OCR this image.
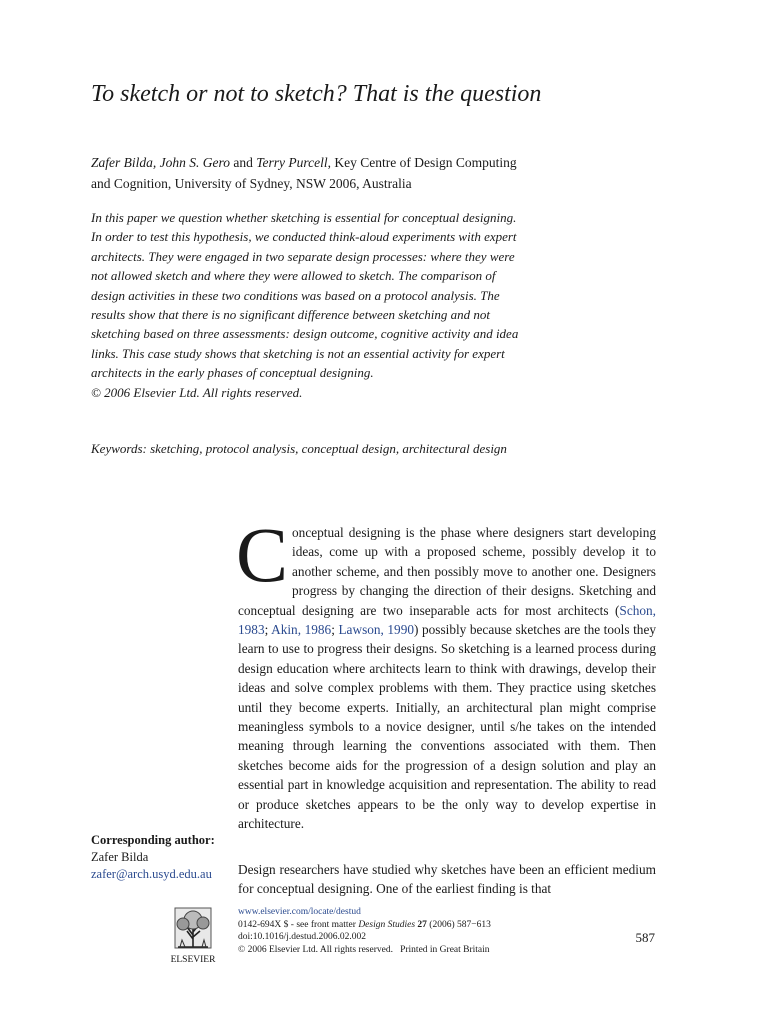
To sketch or not to sketch? That is the question
Zafer Bilda, John S. Gero and Terry Purcell, Key Centre of Design Computing and Cognition, University of Sydney, NSW 2006, Australia
In this paper we question whether sketching is essential for conceptual designing. In order to test this hypothesis, we conducted think-aloud experiments with expert architects. They were engaged in two separate design processes: where they were not allowed sketch and where they were allowed to sketch. The comparison of design activities in these two conditions was based on a protocol analysis. The results show that there is no significant difference between sketching and not sketching based on three assessments: design outcome, cognitive activity and idea links. This case study shows that sketching is not an essential activity for expert architects in the early phases of conceptual designing.
© 2006 Elsevier Ltd. All rights reserved.
Keywords: sketching, protocol analysis, conceptual design, architectural design
Conceptual designing is the phase where designers start developing ideas, come up with a proposed scheme, possibly develop it to another scheme, and then possibly move to another one. Designers progress by changing the direction of their designs. Sketching and conceptual designing are two inseparable acts for most architects (Schon, 1983; Akin, 1986; Lawson, 1990) possibly because sketches are the tools they learn to use to progress their designs. So sketching is a learned process during design education where architects learn to think with drawings, develop their ideas and solve complex problems with them. They practice using sketches until they become experts. Initially, an architectural plan might comprise meaningless symbols to a novice designer, until s/he takes on the intended meaning through learning the conventions associated with them. Then sketches become aids for the progression of a design solution and play an essential part in knowledge acquisition and representation. The ability to read or produce sketches appears to be the only way to develop expertise in architecture.
Design researchers have studied why sketches have been an efficient medium for conceptual designing. One of the earliest finding is that
Corresponding author:
Zafer Bilda
zafer@arch.usyd.edu.au
ELSEVIER
www.elsevier.com/locate/destud
0142-694X $ - see front matter Design Studies 27 (2006) 587−613
doi:10.1016/j.destud.2006.02.002
© 2006 Elsevier Ltd. All rights reserved. Printed in Great Britain
587
